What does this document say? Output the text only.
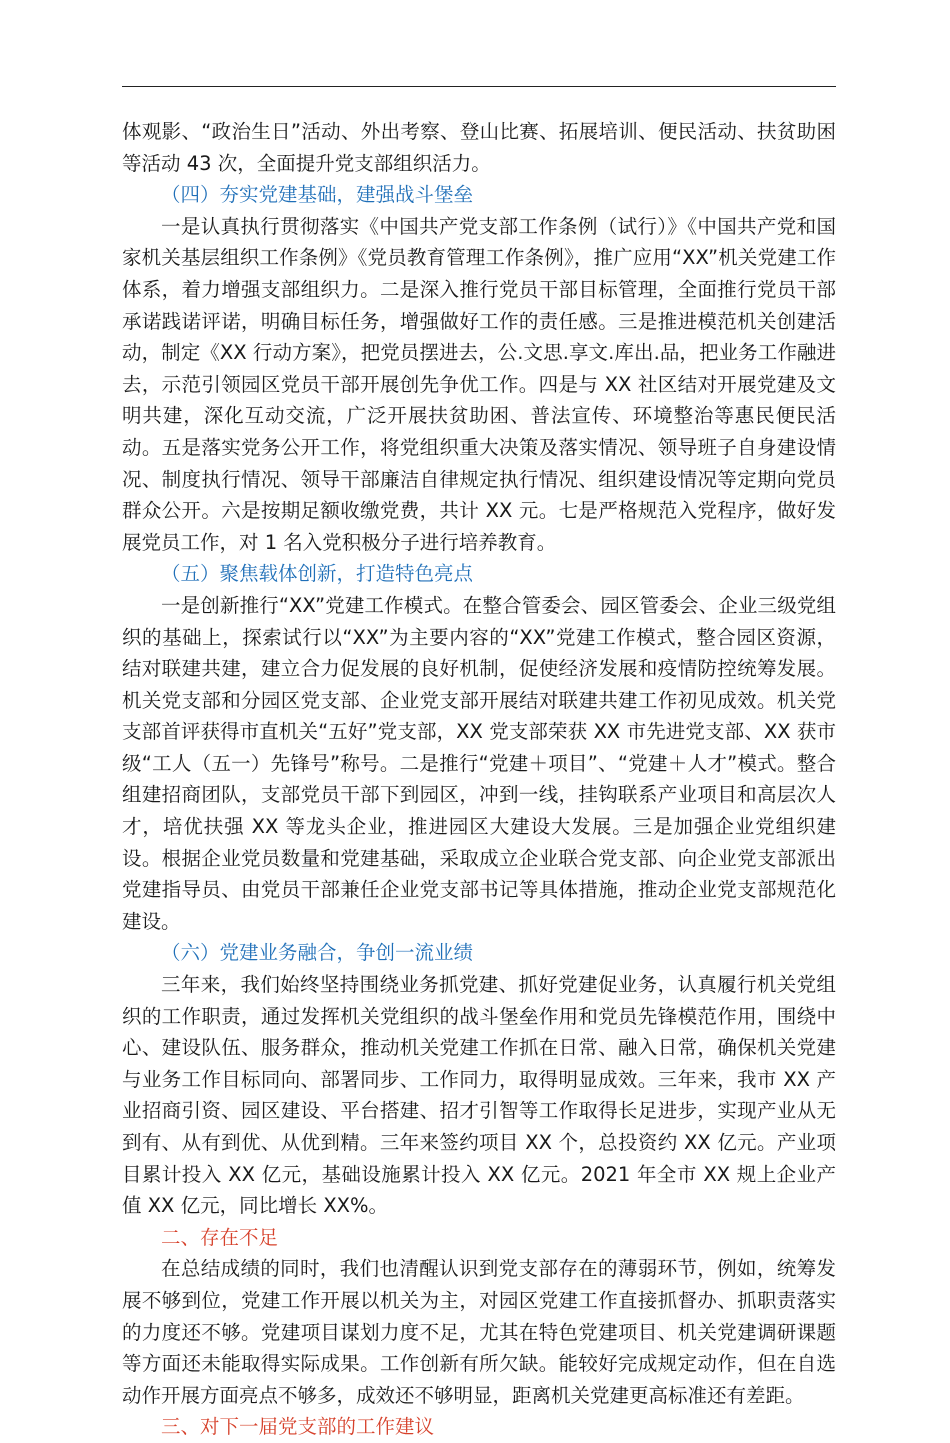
体观影、“政治生日”活动、外出考察、登山比赛、拓展培训、便民活动、扶贫助困等活动 43 次，全面提升党支部组织活力。

（四）夯实党建基础，建强战斗堡垒

一是认真执行贯彻落实《中国共产党支部工作条例（试行）》《中国共产党和国家机关基层组织工作条例》《党员教育管理工作条例》，推广应用“XX”机关党建工作体系，着力增强支部组织力。二是深入推行党员干部目标管理，全面推行党员干部承诺践诺评诺，明确目标任务，增强做好工作的责任感。三是推进模范机关创建活动，制定《XX 行动方案》，把党员摆进去，公.文思.享文.库出.品，把业务工作融进去，示范引领园区党员干部开展创先争优工作。四是与 XX 社区结对开展党建及文明共建，深化互动交流，广泛开展扶贫助困、普法宣传、环境整治等惠民便民活动。五是落实党务公开工作，将党组织重大决策及落实情况、领导班子自身建设情况、制度执行情况、领导干部廉洁自律规定执行情况、组织建设情况等定期向党员群众公开。六是按期足额收缴党费，共计 XX 元。七是严格规范入党程序，做好发展党员工作，对 1 名入党积极分子进行培养教育。

（五）聚焦载体创新，打造特色亮点

一是创新推行“XX”党建工作模式。在整合管委会、园区管委会、企业三级党组织的基础上，探索试行以“XX”为主要内容的“XX”党建工作模式，整合园区资源，结对联建共建，建立合力促发展的良好机制，促使经济发展和疫情防控统筹发展。机关党支部和分园区党支部、企业党支部开展结对联建共建工作初见成效。机关党支部首评获得市直机关“五好”党支部，XX 党支部荣获 XX 市先进党支部、XX 获市级“工人（五一）先锋号”称号。二是推行“党建＋项目”、“党建＋人才”模式。整合组建招商团队，支部党员干部下到园区，冲到一线，挂钩联系产业项目和高层次人才，培优扶强 XX 等龙头企业，推进园区大建设大发展。三是加强企业党组织建设。根据企业党员数量和党建基础，采取成立企业联合党支部、向企业党支部派出党建指导员、由党员干部兼任企业党支部书记等具体措施，推动企业党支部规范化建设。

（六）党建业务融合，争创一流业绩

三年来，我们始终坚持围绕业务抓党建、抓好党建促业务，认真履行机关党组织的工作职责，通过发挥机关党组织的战斗堡垒作用和党员先锋模范作用，围绕中心、建设队伍、服务群众，推动机关党建工作抓在日常、融入日常，确保机关党建与业务工作目标同向、部署同步、工作同力，取得明显成效。三年来，我市 XX 产业招商引资、园区建设、平台搭建、招才引智等工作取得长足进步，实现产业从无到有、从有到优、从优到精。三年来签约项目 XX 个，总投资约 XX 亿元。产业项目累计投入 XX 亿元，基础设施累计投入 XX 亿元。2021 年全市 XX 规上企业产值 XX 亿元，同比增长 XX%。

二、存在不足

在总结成绩的同时，我们也清醒认识到党支部存在的薄弱环节，例如，统筹发展不够到位，党建工作开展以机关为主，对园区党建工作直接抓督办、抓职责落实的力度还不够。党建项目谋划力度不足，尤其在特色党建项目、机关党建调研课题等方面还未能取得实际成果。工作创新有所欠缺。能较好完成规定动作，但在自选动作开展方面亮点不够多，成效还不够明显，距离机关党建更高标准还有差距。

三、对下一届党支部的工作建议
